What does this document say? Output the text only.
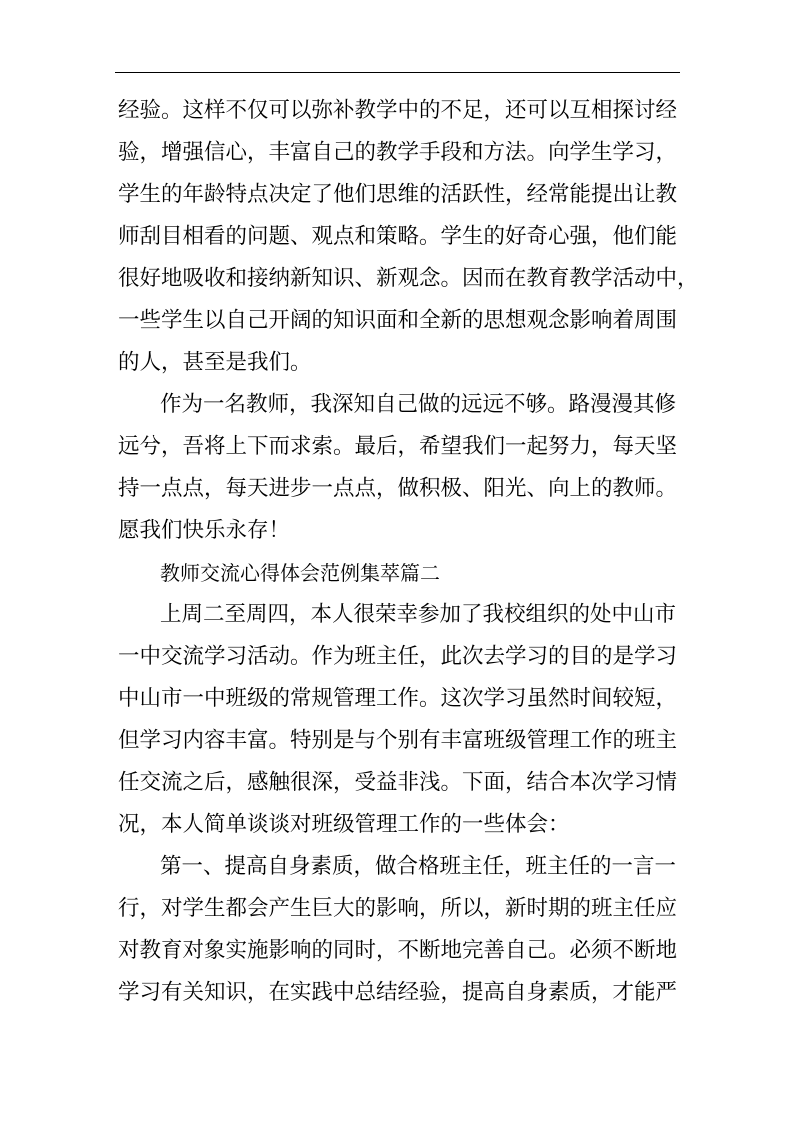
经验。这样不仅可以弥补教学中的不足，还可以互相探讨经
验，增强信心，丰富自己的教学手段和方法。向学生学习，
学生的年龄特点决定了他们思维的活跃性，经常能提出让教
师刮目相看的问题、观点和策略。学生的好奇心强，他们能
很好地吸收和接纳新知识、新观念。因而在教育教学活动中，
一些学生以自己开阔的知识面和全新的思想观念影响着周围
的人，甚至是我们。
作为一名教师，我深知自己做的远远不够。路漫漫其修
远兮，吾将上下而求索。最后，希望我们一起努力，每天坚
持一点点，每天进步一点点，做积极、阳光、向上的教师。
愿我们快乐永存！
教师交流心得体会范例集萃篇二
上周二至周四，本人很荣幸参加了我校组织的处中山市
一中交流学习活动。作为班主任，此次去学习的目的是学习
中山市一中班级的常规管理工作。这次学习虽然时间较短，
但学习内容丰富。特别是与个别有丰富班级管理工作的班主
任交流之后，感触很深，受益非浅。下面，结合本次学习情
况，本人简单谈谈对班级管理工作的一些体会：
第一、提高自身素质，做合格班主任，班主任的一言一
行，对学生都会产生巨大的影响，所以，新时期的班主任应
对教育对象实施影响的同时，不断地完善自己。必须不断地
学习有关知识，在实践中总结经验，提高自身素质，才能严
